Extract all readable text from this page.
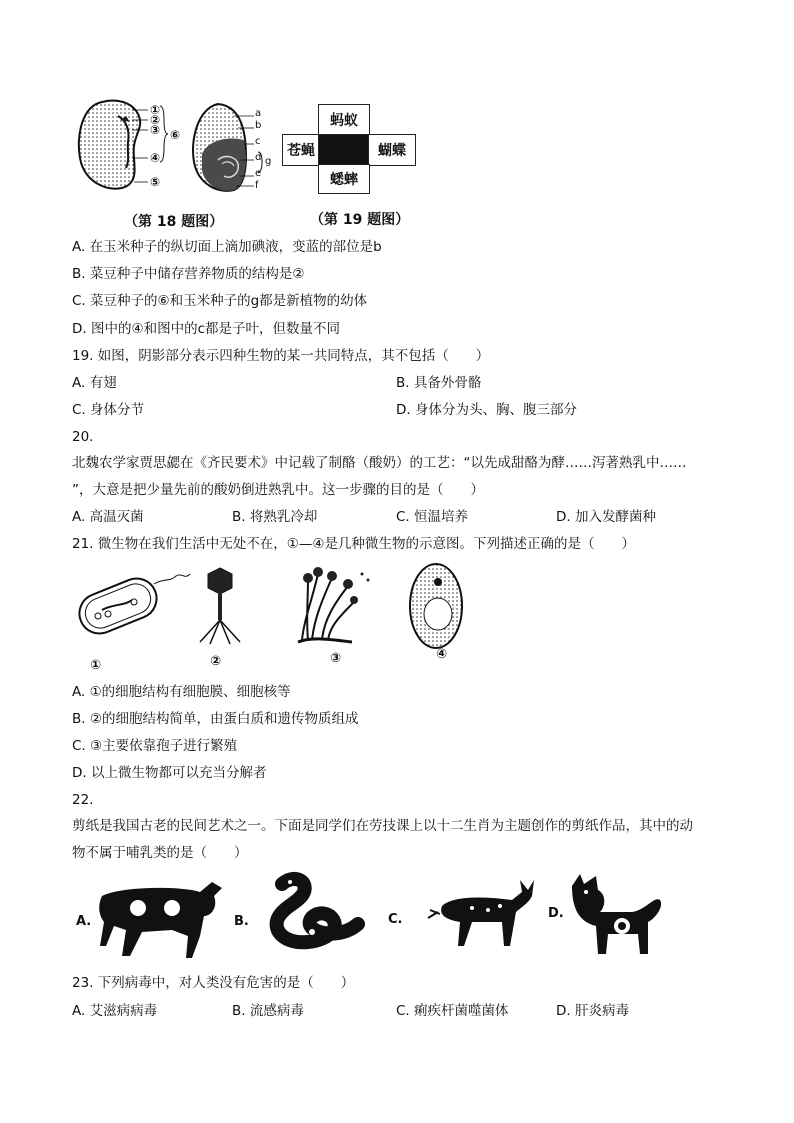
①
②
③ ⑥
④
⑤
a
b
c
d
e
f
g
蚂蚁
苍蝇	蝴蝶
蟋蟀
（第 18 题图）	（第 19 题图）
A. 在玉米种子的纵切面上滴加碘液，变蓝的部位是b
B. 菜豆种子中储存营养物质的结构是②
C. 菜豆种子的⑥和玉米种子的g都是新植物的幼体
D. 图中的④和图中的c都是子叶，但数量不同
19. 如图，阴影部分表示四种生物的某一共同特点，其不包括（　　）
A. 有翅	B. 具备外骨骼
C. 身体分节	D. 身体分为头、胸、腹三部分
20.
北魏农学家贾思勰在《齐民要术》中记载了制酪（酸奶）的工艺：“以先成甜酪为酵……泻著熟乳中……
”，大意是把少量先前的酸奶倒进熟乳中。这一步骤的目的是（　　）
A. 高温灭菌	B. 将熟乳冷却	C. 恒温培养	D. 加入发酵菌种
21. 微生物在我们生活中无处不在，①—④是几种微生物的示意图。下列描述正确的是（　　）
①	②	③	④
A. ①的细胞结构有细胞膜、细胞核等
B. ②的细胞结构简单，由蛋白质和遗传物质组成
C. ③主要依靠孢子进行繁殖
D. 以上微生物都可以充当分解者
22.
剪纸是我国古老的民间艺术之一。下面是同学们在劳技课上以十二生肖为主题创作的剪纸作品，其中的动
物不属于哺乳类的是（　　）
A.	B.	C.	D.
23. 下列病毒中，对人类没有危害的是（　　）
A. 艾滋病病毒	B. 流感病毒	C. 痢疾杆菌噬菌体	D. 肝炎病毒
